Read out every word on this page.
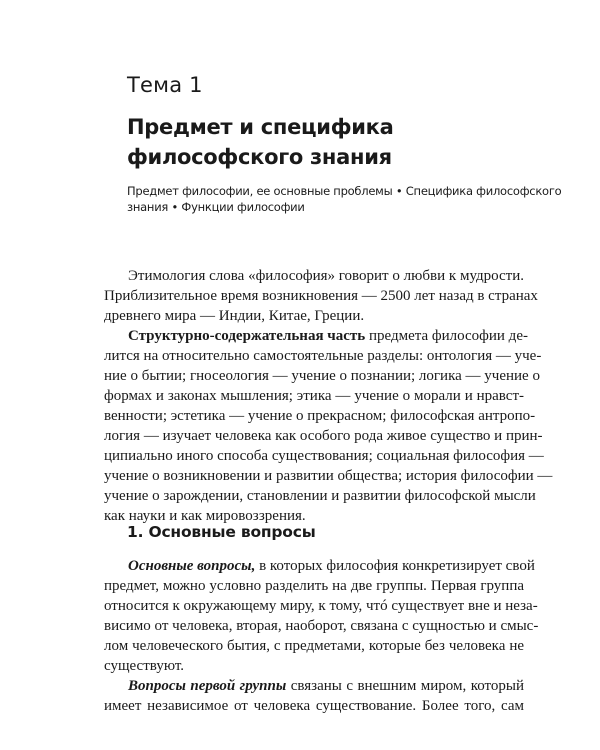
Тема 1
Предмет и специфика
философского знания
Предмет философии, ее основные проблемы • Специфика философского
знания • Функции философии
Этимология слова «философия» говорит о любви к мудрости.
Приблизительное время возникновения — 2500 лет назад в странах
древнего мира — Индии, Китае, Греции.
Структурно-содержательная часть предмета философии де-
лится на относительно самостоятельные разделы: онтология — уче-
ние о бытии; гносеология — учение о познании; логика — учение о
формах и законах мышления; этика — учение о морали и нравст-
венности; эстетика — учение о прекрасном; философская антропо-
логия — изучает человека как особого рода живое существо и прин-
ципиально иного способа существования; социальная философия —
учение о возникновении и развитии общества; история философии —
учение о зарождении, становлении и развитии философской мысли
как науки и как мировоззрения.
1. Основные вопросы
Основные вопросы, в которых философия конкретизирует свой
предмет, можно условно разделить на две группы. Первая группа
относится к окружающему миру, к тому, чтó существует вне и неза-
висимо от человека, вторая, наоборот, связана с сущностью и смыс-
лом человеческого бытия, с предметами, которые без человека не
существуют.
Вопросы первой группы связаны с внешним миром, который
имеет независимое от человека существование. Более того, сам
